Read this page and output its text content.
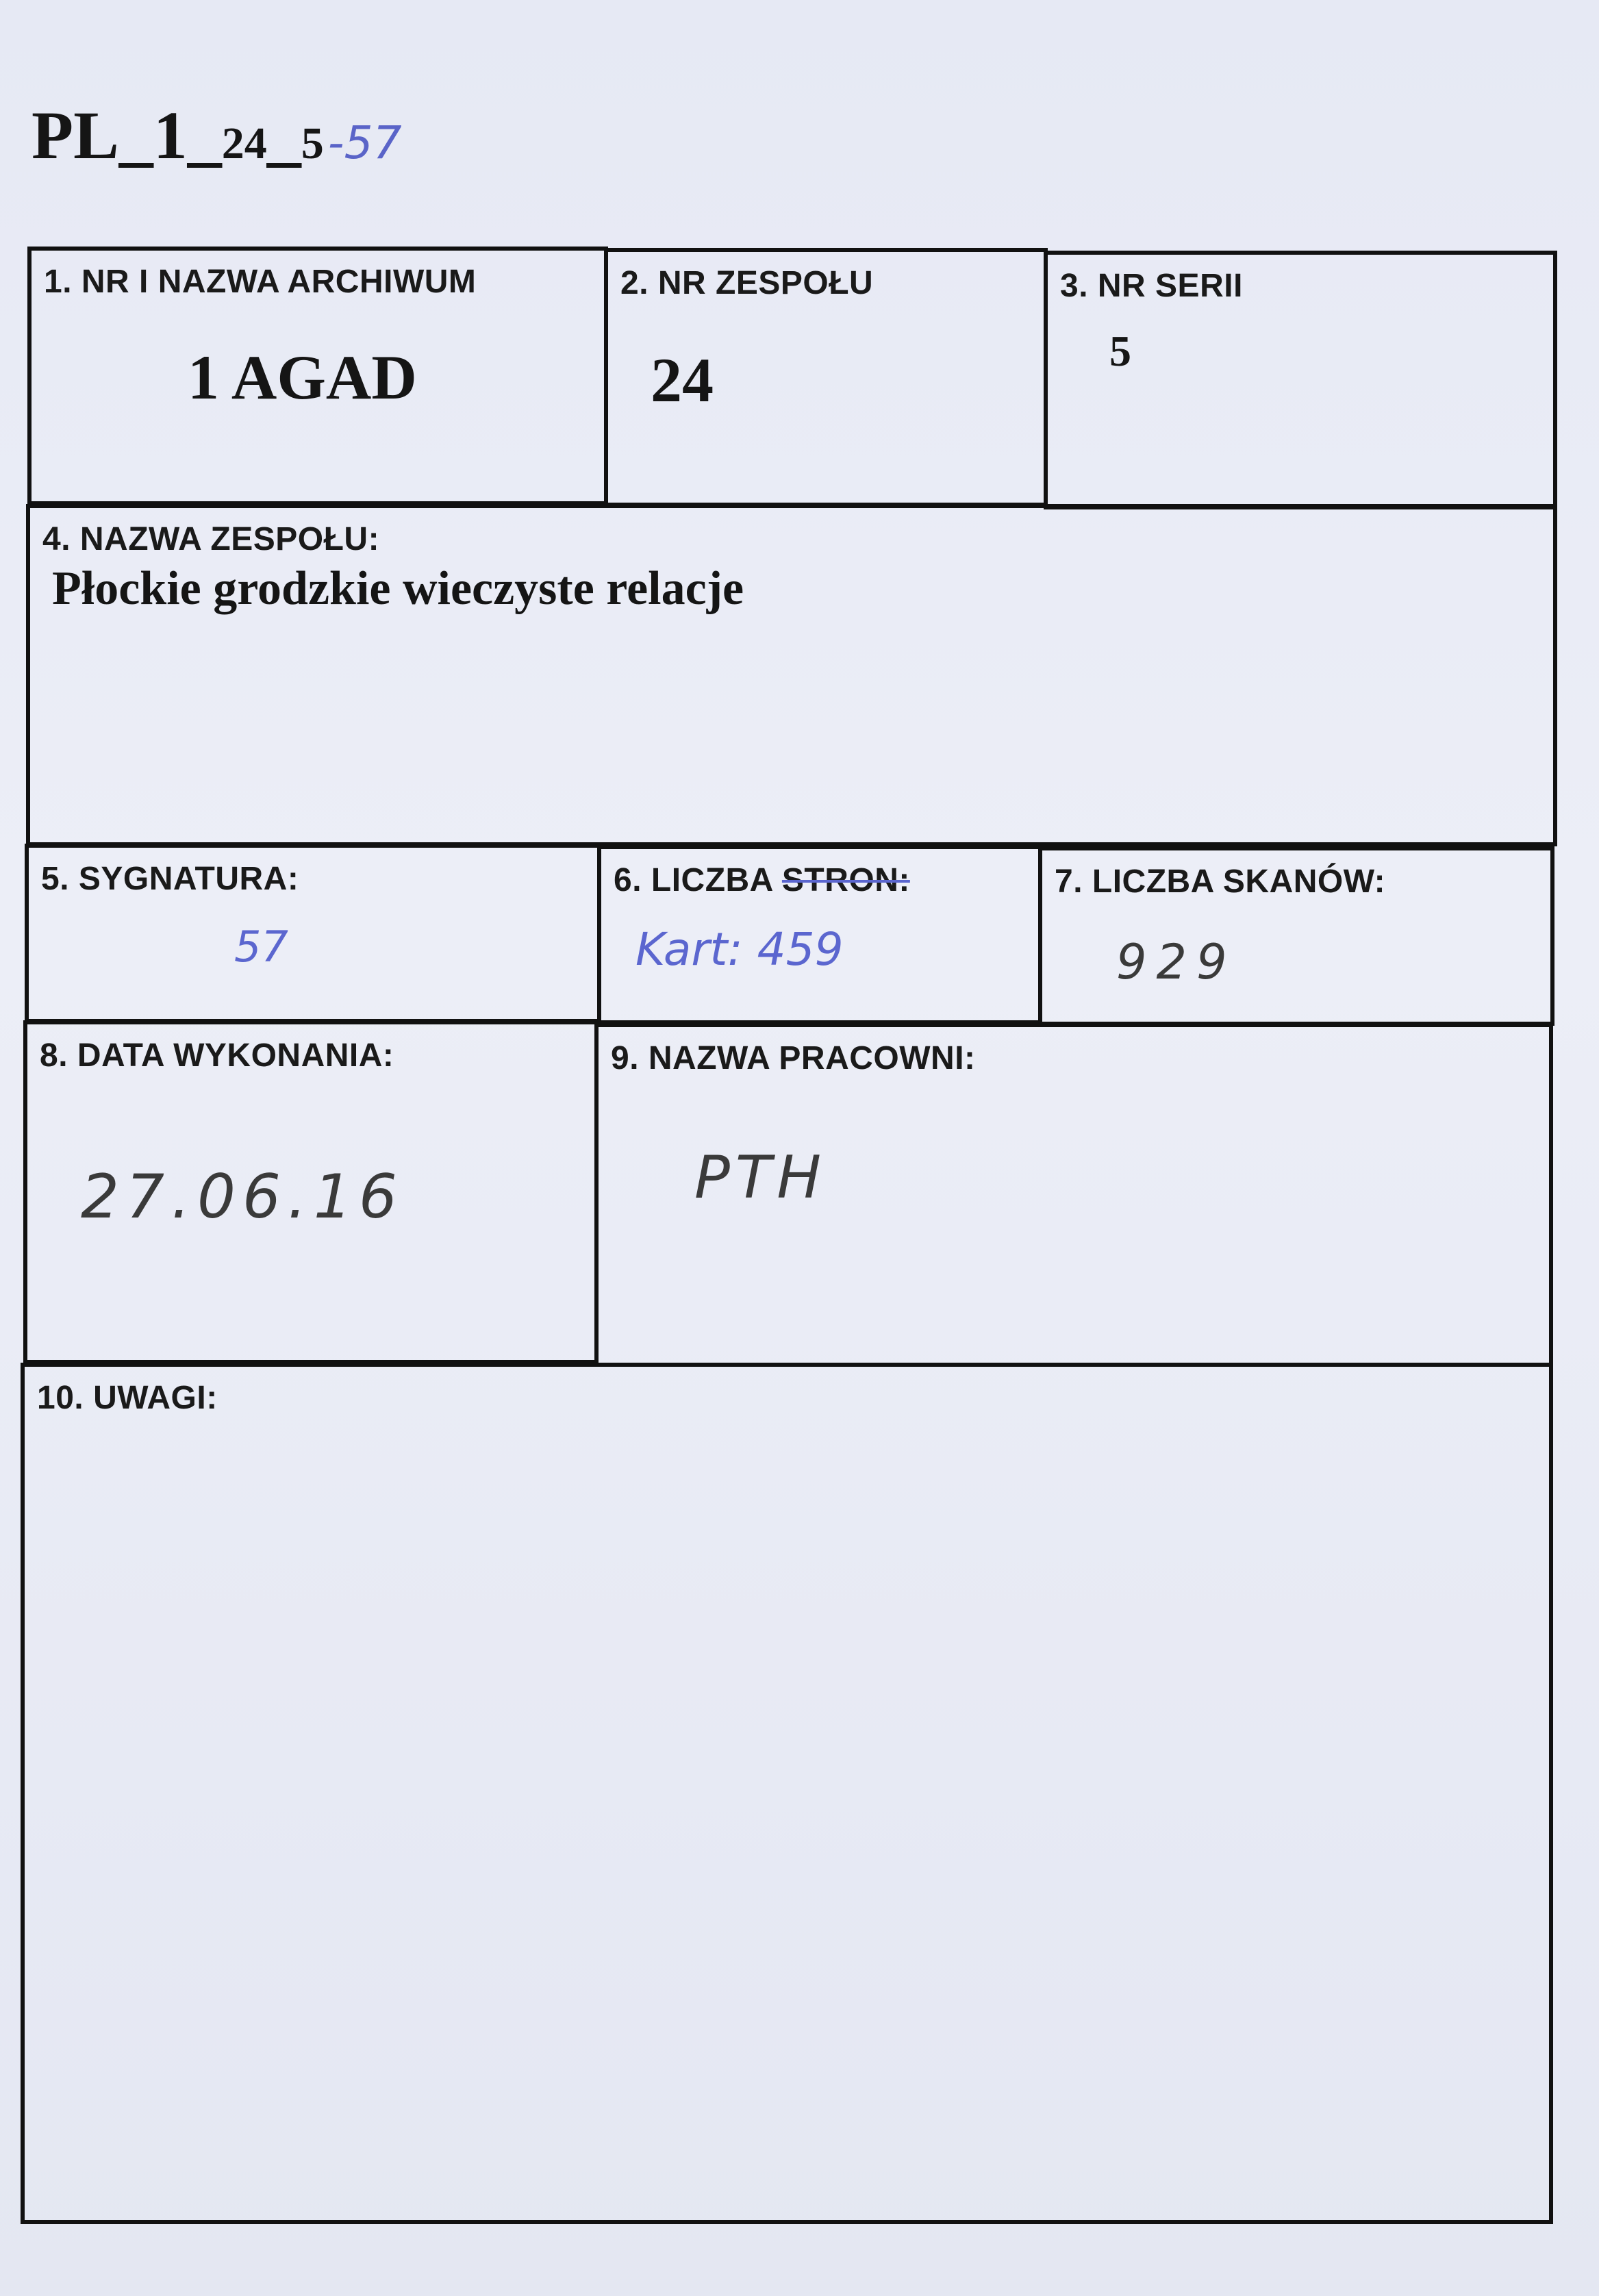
PL _ 1 _ 24 _ 5 -57
1. NR I NAZWA ARCHIWUM
1 AGAD
2. NR ZESPOŁU
24
3. NR SERII
5
4. NAZWA ZESPOŁU:
Płockie grodzkie wieczyste relacje
5. SYGNATURA:
57
6. LICZBA STRON:
Kart: 459
7. LICZBA SKANÓW:
929
8. DATA WYKONANIA:
27.06.16
9. NAZWA PRACOWNI:
PTH
10. UWAGI:
